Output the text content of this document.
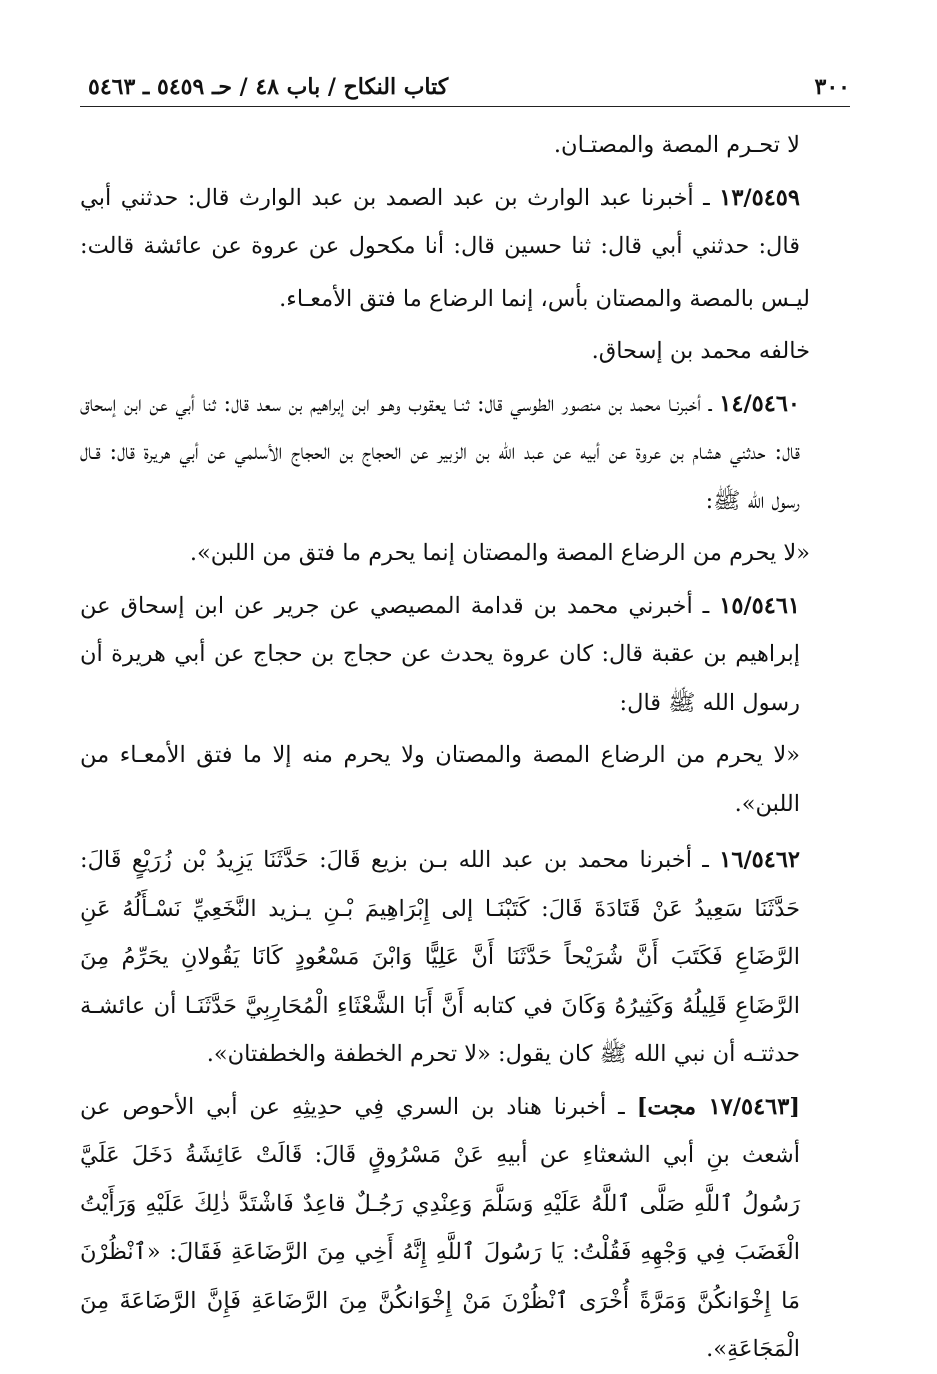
٣٠٠
كتاب النكاح / باب ٤٨ / حـ ٥٤٥٩ ـ ٥٤٦٣

لا تحـرم المصة والمصتـان.

١٣/٥٤٥٩ ـ أخبرنا عبد الوارث بن عبد الصمد بن عبد الوارث قال: حدثني أبي قال: حدثني أبي قال: ثنا حسين قال: أنا مكحول عن عروة عن عائشة قالت:

ليـس بالمصة والمصتان بأس، إنما الرضاع ما فتق الأمعـاء.

خالفه محمد بن إسحاق.

١٤/٥٤٦٠ ـ أخبرنـا محمد بن منصور الطوسي قال: ثنـا يعقوب وهـو ابن إبراهيم بن سعد قال: ثنا أبي عن ابن إسحاق قال: حدثني هشام بن عروة عن أبيه عن عبد الله بن الزبير عن الحجاج بن الحجاج الأسلمي عن أبي هريرة قال: قـال رسول الله ﷺ:

«لا يحرم من الرضاع المصة والمصتان إنما يحرم ما فتق من اللبن».

١٥/٥٤٦١ ـ أخبرني محمد بن قدامة المصيصي عن جرير عن ابن إسحاق عن إبراهيم بن عقبة قال: كان عروة يحدث عن حجاج بن حجاج عن أبي هريرة أن رسول الله ﷺ قال:

«لا يحرم من الرضاع المصة والمصتان ولا يحرم منه إلا ما فتق الأمعـاء من اللبن».

١٦/٥٤٦٢ ـ أخبرنا محمد بن عبد الله بـن بزيع قَالَ: حَدَّثَنَا يَزِيدُ بْن زُرَيْعٍ قَالَ: حَدَّثَنَا سَعِيدُ عَنْ قَتَادَةَ قَالَ: كَتَبْنَـا إلى إِبْرَاهِيمَ بْـنِ يـزيد النَّخَعِيِّ نَسْـأَلُهُ عَنِ الرَّضَاعِ فَكَتَبَ أَنَّ شُرَيْحاً حَدَّثَنَا أَنَّ عَلِيًّا وَابْنَ مَسْعُودٍ كَانَا يَقُولانِ يحَرِّمُ مِنَ الرَّضَاعِ قَلِيلُهُ وَكَثِيرُهُ وَكَانَ في كتابه أَنَّ أَبَا الشَّعْثَاءِ الْمُحَارِبِيَّ حَدَّثَنَـا أن عائشـة حدثتـه أن نبي الله ﷺ كان يقول: «لا تحرم الخطفة والخطفتان».

[١٧/٥٤٦٣ مجت] ـ أخبرنا هناد بن السري فِي حدِيثِهِ عن أبي الأحوص عن أشعث بنِ أبي الشعثاءِ عن أبيهِ عَنْ مَسْرُوقٍ قَالَ: قَالَتْ عَائِشَةُ دَخَلَ عَلَيَّ رَسُولُ ٱللَّهِ صَلَّى ٱللَّهُ عَلَيْهِ وَسَلَّمَ وَعِنْدِي رَجُـلٌ قاعِدٌ فَاشْتَدَّ ذٰلِكَ عَلَيْهِ وَرَأَيْتُ الْغَضَبَ فِي وَجْهِهِ فَقُلْتُ: يَا رَسُولَ ٱللَّهِ إِنَّهُ أَخِي مِنَ الرَّضَاعَةِ فَقَالَ: «ٱنْظُرْنَ مَا إِخْوَانكُنَّ وَمَرَّةً أُخْرَى ٱنْظُرْنَ مَنْ إِخْوَانكُنَّ مِنَ الرَّضَاعَةِ فَإِنَّ الرَّضَاعَةَ مِنَ الْمَجَاعَةِ».
